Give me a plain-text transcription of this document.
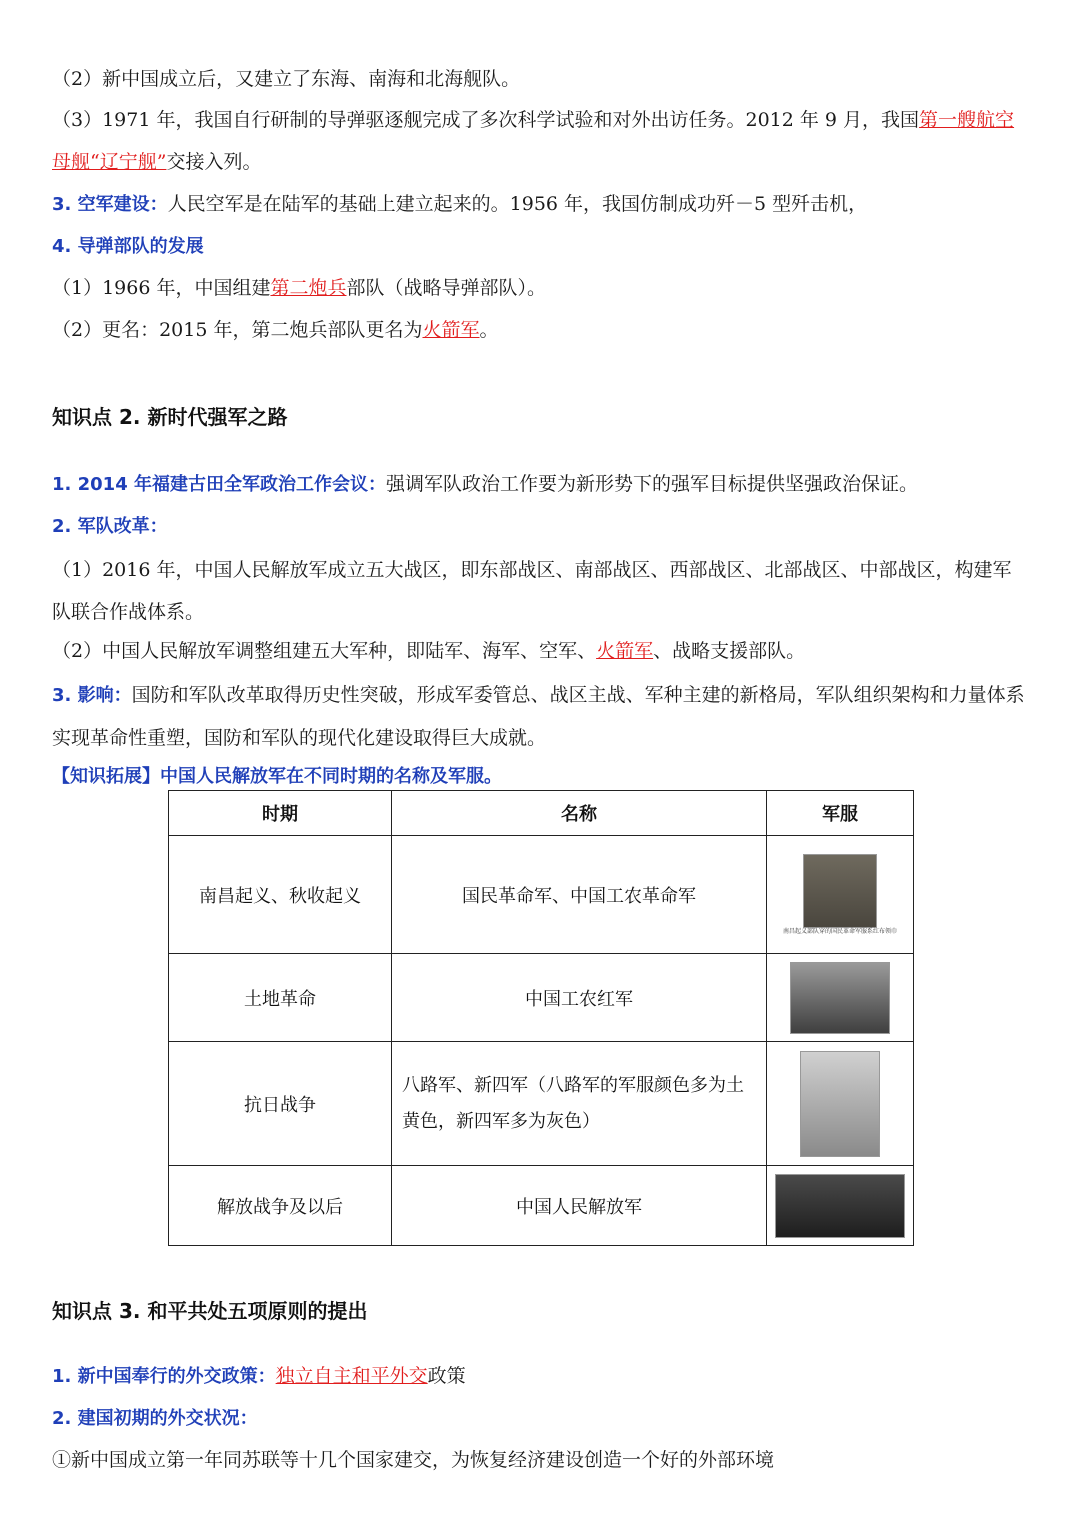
（2）新中国成立后，又建立了东海、南海和北海舰队。
（3）1971 年，我国自行研制的导弹驱逐舰完成了多次科学试验和对外出访任务。2012 年 9 月，我国第一艘航空母舰“辽宁舰”交接入列。
3. 空军建设：人民空军是在陆军的基础上建立起来的。1956 年，我国仿制成功歼－5 型歼击机，
4. 导弹部队的发展
（1）1966 年，中国组建第二炮兵部队（战略导弹部队）。
（2）更名：2015 年，第二炮兵部队更名为火箭军。
知识点 2. 新时代强军之路
1. 2014 年福建古田全军政治工作会议：强调军队政治工作要为新形势下的强军目标提供坚强政治保证。
2. 军队改革：
（1）2016 年，中国人民解放军成立五大战区，即东部战区、南部战区、西部战区、北部战区、中部战区，构建军队联合作战体系。
（2）中国人民解放军调整组建五大军种，即陆军、海军、空军、火箭军、战略支援部队。
3. 影响：国防和军队改革取得历史性突破，形成军委管总、战区主战、军种主建的新格局，军队组织架构和力量体系实现革命性重塑，国防和军队的现代化建设取得巨大成就。
【知识拓展】中国人民解放军在不同时期的名称及军服。
时期	名称	军服
南昌起义、秋收起义	国民革命军、中国工农革命军	南昌起义部队穿的国民革命军服系红布领巾

土地革命	中国工农红军	

抗日战争	八路军、新四军（八路军的军服颜色多为土黄色，新四军多为灰色）	

解放战争及以后	中国人民解放军	
知识点 3. 和平共处五项原则的提出
1. 新中国奉行的外交政策：独立自主和平外交政策
2. 建国初期的外交状况：
①新中国成立第一年同苏联等十几个国家建交，为恢复经济建设创造一个好的外部环境
